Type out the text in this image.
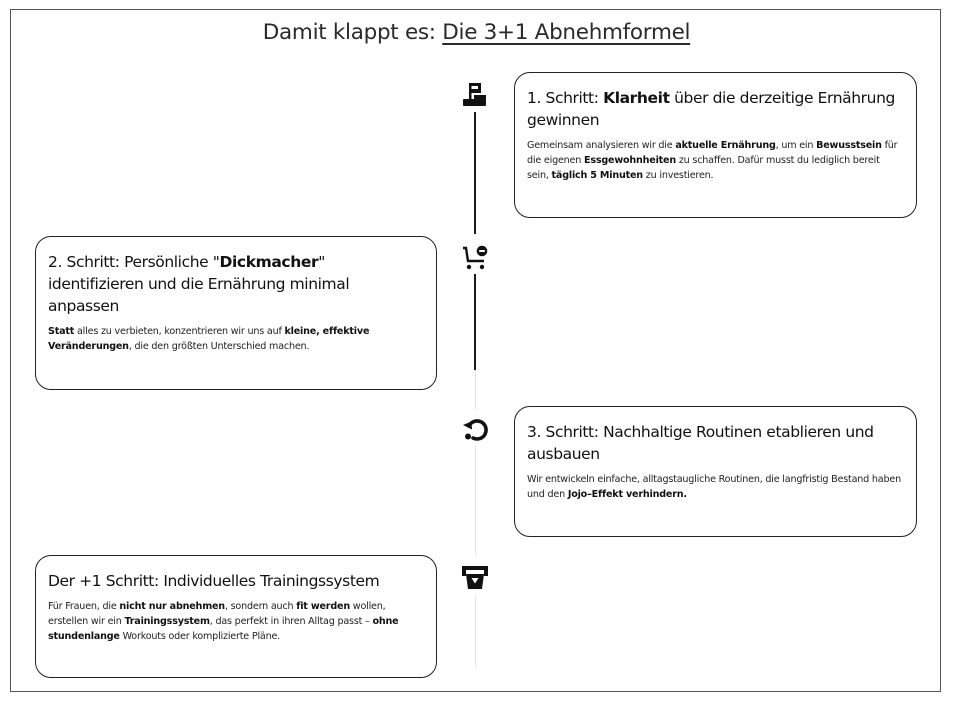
Damit klappt es: Die 3+1 Abnehmformel
1. Schritt: Klarheit über die derzeitige Ernährung gewinnen

Gemeinsam analysieren wir die aktuelle Ernährung, um ein Bewusstsein für die eigenen Essgewohnheiten zu schaffen. Dafür musst du lediglich bereit sein, täglich 5 Minuten zu investieren.

2. Schritt: Persönliche "Dickmacher" identifizieren und die Ernährung minimal anpassen

Statt alles zu verbieten, konzentrieren wir uns auf kleine, effektive Veränderungen, die den größten Unterschied machen.

3. Schritt: Nachhaltige Routinen etablieren und ausbauen

Wir entwickeln einfache, alltagstaugliche Routinen, die langfristig Bestand haben und den Jojo–Effekt verhindern.

Der +1 Schritt: Individuelles Trainingssystem

Für Frauen, die nicht nur abnehmen, sondern auch fit werden wollen, erstellen wir ein Trainingssystem, das perfekt in ihren Alltag passt – ohne stundenlange Workouts oder komplizierte Pläne.
